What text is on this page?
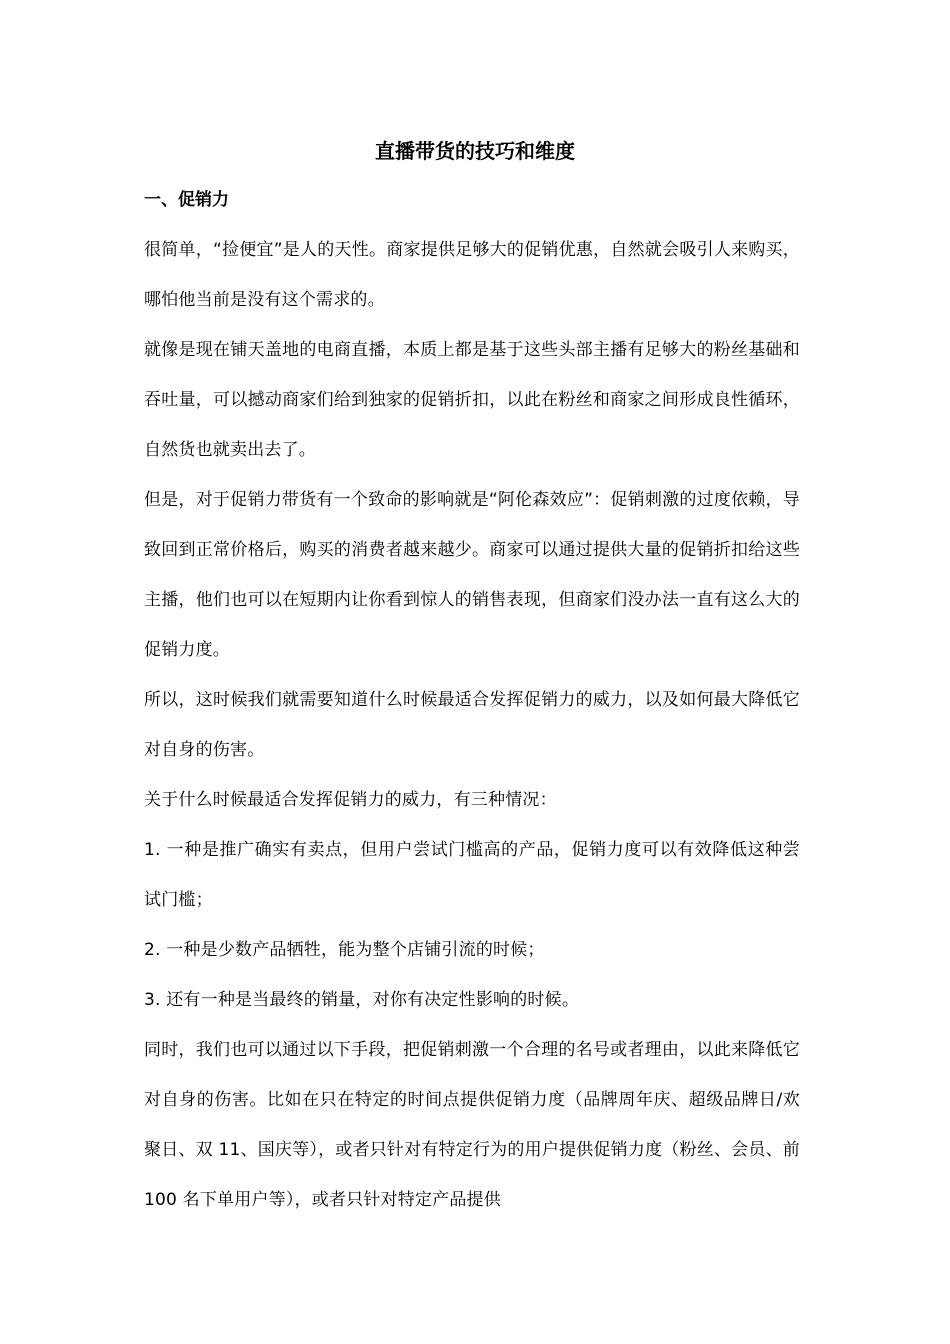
直播带货的技巧和维度
一、促销力

很简单，“捡便宜”是人的天性。商家提供足够大的促销优惠，自然就会吸引人来购买，哪怕他当前是没有这个需求的。

就像是现在铺天盖地的电商直播，本质上都是基于这些头部主播有足够大的粉丝基础和吞吐量，可以撼动商家们给到独家的促销折扣，以此在粉丝和商家之间形成良性循环，自然货也就卖出去了。

但是，对于促销力带货有一个致命的影响就是“阿伦森效应”：促销刺激的过度依赖，导致回到正常价格后，购买的消费者越来越少。商家可以通过提供大量的促销折扣给这些主播，他们也可以在短期内让你看到惊人的销售表现，但商家们没办法一直有这么大的促销力度。

所以，这时候我们就需要知道什么时候最适合发挥促销力的威力，以及如何最大降低它对自身的伤害。

关于什么时候最适合发挥促销力的威力，有三种情况：

1. 一种是推广确实有卖点，但用户尝试门槛高的产品，促销力度可以有效降低这种尝试门槛；

2. 一种是少数产品牺牲，能为整个店铺引流的时候；

3. 还有一种是当最终的销量，对你有决定性影响的时候。

同时，我们也可以通过以下手段，把促销刺激一个合理的名号或者理由，以此来降低它对自身的伤害。比如在只在特定的时间点提供促销力度（品牌周年庆、超级品牌日/欢聚日、双 11、国庆等），或者只针对有特定行为的用户提供促销力度（粉丝、会员、前 100 名下单用户等），或者只针对特定产品提供
